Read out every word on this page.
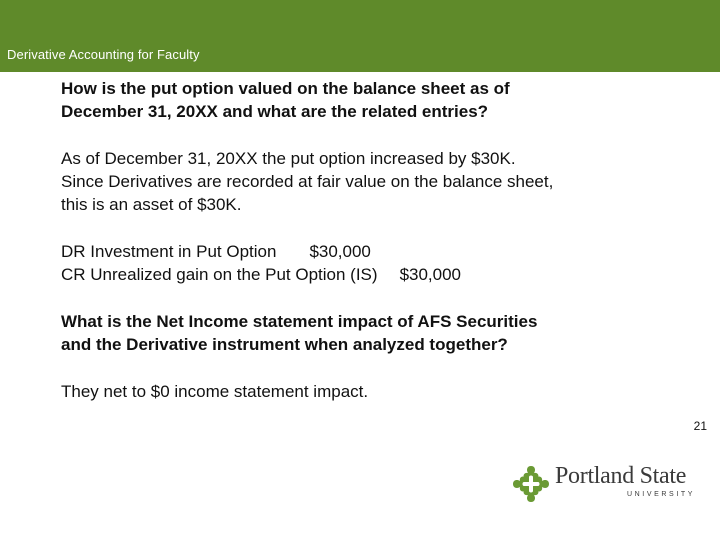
Derivative Accounting for Faculty

How is the put option valued on the balance sheet as of

December 31, 20XX and what are the related entries?

As of December 31, 20XX the put option increased by $30K.

Since Derivatives are recorded at fair value on the balance sheet,

this is an asset of $30K.

DR Investment in Put Option $30,000

CR Unrealized gain on the Put Option (IS) $30,000

What is the Net Income statement impact of AFS Securities

and the Derivative instrument when analyzed together?

They net to $0 income statement impact.

21
Portland State
UNIVERSITY
